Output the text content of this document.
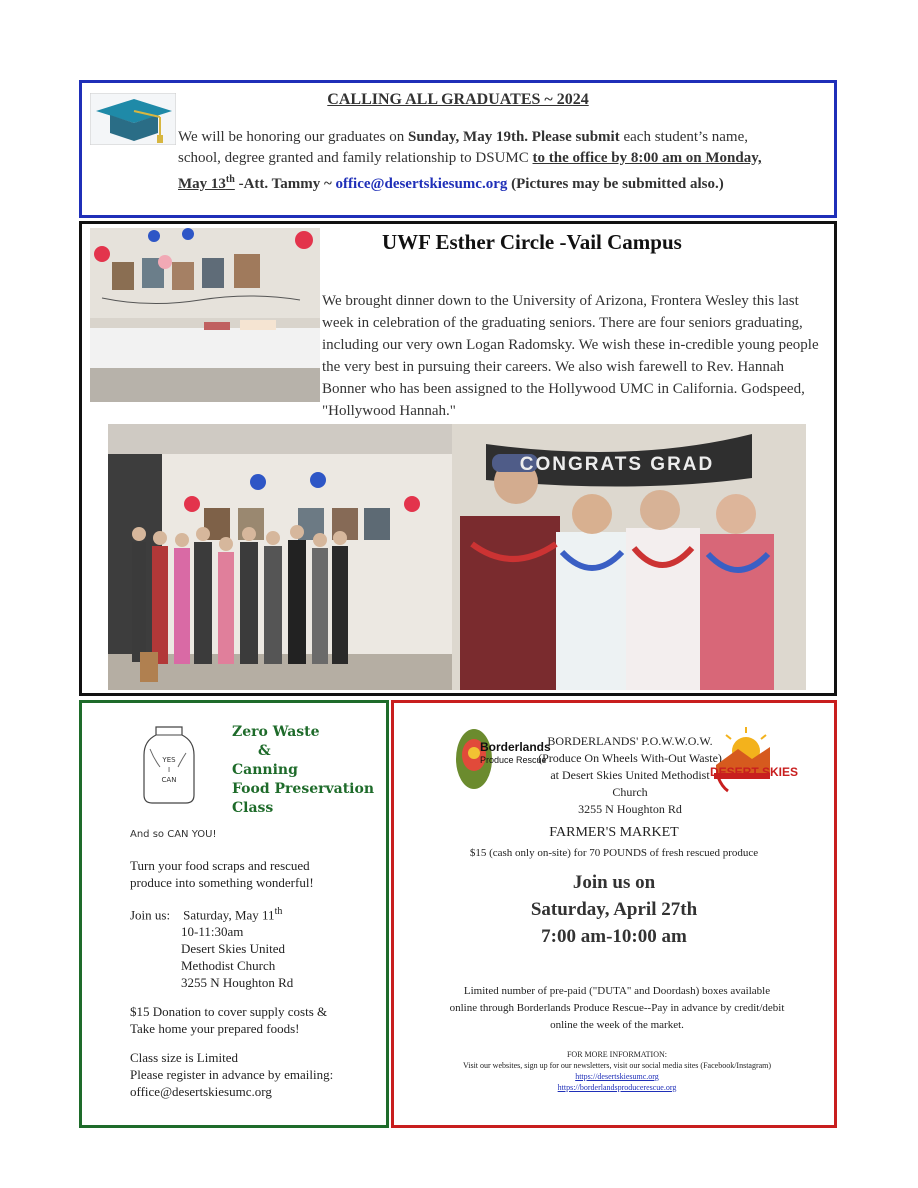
CALLING ALL GRADUATES ~ 2024
We will be honoring our graduates on Sunday, May 19th. Please submit each student’s name,
school, degree granted and family relationship to DSUMC to the office by 8:00 am on Monday,
May 13th -Att. Tammy ~ office@desertskiesumc.org (Pictures may be submitted also.)
UWF Esther Circle -Vail Campus
We brought dinner down to the University of Arizona, Frontera Wesley this last week in celebration of the graduating seniors. There are four seniors graduating, including our very own Logan Radomsky. We wish these in-credible young people the very best in pursuing their careers. We also wish farewell to Rev. Hannah Bonner who has been assigned to the Hollywood UMC in California. Godspeed, "Hollywood Hannah."
CONGRATS GRAD
YES
I
CAN
Zero Waste
&
Canning
Food Preservation
Class
And so CAN YOU!
Turn your food scraps and rescued
produce into something wonderful!
Join us: Saturday, May 11th
10-11:30am
Desert Skies United
Methodist Church
3255 N Houghton Rd
$15 Donation to cover supply costs &
Take home your prepared foods!
Class size is Limited
Please register in advance by emailing:
office@desertskiesumc.org
Borderlands
Produce Rescue
BORDERLANDS' P.O.W.W.O.W.
(Produce On Wheels With-Out Waste)
at Desert Skies United Methodist Church
3255 N Houghton Rd
DESERT SKIES
FARMER'S MARKET
$15 (cash only on-site) for 70 POUNDS of fresh rescued produce
Join us on
Saturday, April 27th
7:00 am-10:00 am
Limited number of pre-paid ("DUTA" and Doordash) boxes available online through Borderlands Produce Rescue--Pay in advance by credit/debit online the week of the market.
FOR MORE INFORMATION:
Visit our websites, sign up for our newsletters, visit our social media sites (Facebook/Instagram)
https://desertskiesumc.org
https://borderlandsproducerescue.org
